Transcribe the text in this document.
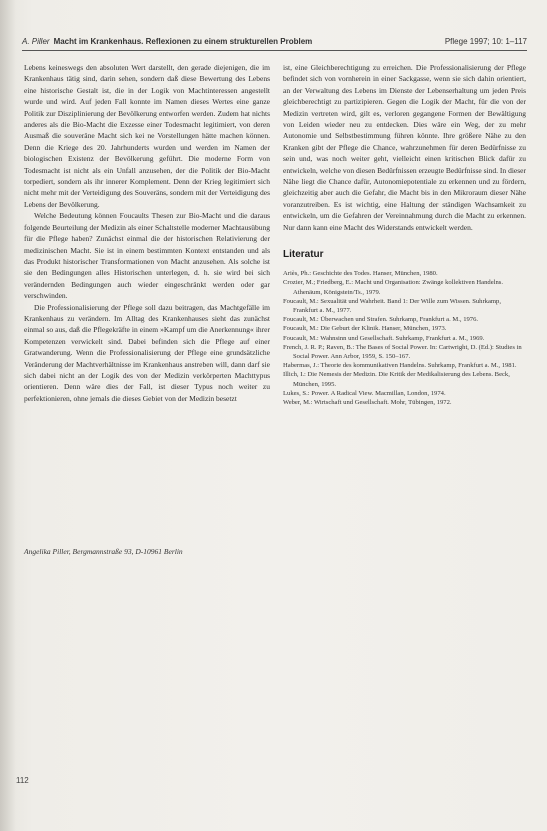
A. Piller Macht im Krankenhaus. Reflexionen zu einem strukturellen Problem	Pflege 1997; 10: 1–117

Lebens keineswegs den absoluten Wert darstellt, den gerade diejenigen, die im Krankenhaus tätig sind, darin sehen, sondern daß diese Bewertung des Lebens eine historische Gestalt ist, die in der Logik von Machtinteressen angestellt wurde und wird. Auf jeden Fall konnte im Namen dieses Wertes eine ganze Politik zur Disziplinierung der Bevölkerung entworfen werden. Zudem hat nichts anderes als die Bio-Macht die Exzesse einer Todesmacht legitimiert, von deren Ausmaß die souveräne Macht sich kei ne Vorstellungen hätte machen können. Denn die Kriege des 20. Jahrhunderts wurden und werden im Namen der biologischen Existenz der Bevölkerung geführt. Die moderne Form von Todesmacht ist nicht als ein Unfall anzusehen, der die Politik der Bio-Macht torpediert, sondern als ihr innerer Komplement. Denn der Krieg legitimiert sich nicht mehr mit der Verteidigung des Souveräns, sondern mit der Verteidigung des Lebens der Bevölkerung.

Welche Bedeutung können Foucaults Thesen zur Bio-Macht und die daraus folgende Beurteilung der Medizin als einer Schaltstelle moderner Machtausübung für die Pflege haben? Zunächst einmal die der historischen Relativierung der medizinischen Macht. Sie ist in einem bestimmten Kontext entstanden und als das Produkt historischer Transformationen von Macht anzusehen. Als solche ist sie den Bedingungen alles Historischen unterlegen, d. h. sie wird bei sich verändernden Bedingungen auch wieder eingeschränkt werden oder gar verschwinden.

Die Professionalisierung der Pflege soll dazu beitragen, das Machtgefälle im Krankenhaus zu verändern. Im Alltag des Krankenhauses sieht das zunächst einmal so aus, daß die Pflegekräfte in einem »Kampf um die Anerkennung« ihrer Kompetenzen verwickelt sind. Dabei befinden sich die Pflege auf einer Gratwanderung. Wenn die Professionalisierung der Pflege eine grundsätzliche Veränderung der Machtverhältnisse im Krankenhaus anstreben will, dann darf sie sich dabei nicht an der Logik des von der Medizin verkörperten Machttypus orientieren. Denn wäre dies der Fall, ist dieser Typus noch weiter zu perfektionieren, ohne jemals die dieses Gebiet von der Medizin besetzt

Angelika Piller, Bergmannstraße 93, D-10961 Berlin

ist, eine Gleichberechtigung zu erreichen. Die Professionalisierung der Pflege befindet sich von vornherein in einer Sackgasse, wenn sie sich dahin orientiert, an der Verwaltung des Lebens im Dienste der Lebenserhaltung um jeden Preis gleichberechtigt zu partizipieren. Gegen die Logik der Macht, für die von der Medizin vertreten wird, gilt es, verloren gegangene Formen der Bewältigung von Leiden wieder neu zu entdecken. Dies wäre ein Weg, der zu mehr Autonomie und Selbstbestimmung führen könnte. Ihre größere Nähe zu den Kranken gibt der Pflege die Chance, wahrzunehmen für deren Bedürfnisse zu sein und, was noch weiter geht, vielleicht einen kritischen Blick dafür zu entwickeln, welche von diesen Bedürfnissen erzeugte Bedürfnisse sind. In dieser Nähe liegt die Chance dafür, Autonomiepotentiale zu erkennen und zu fördern, gleichzeitig aber auch die Gefahr, die Macht bis in den Mikroraum dieser Nähe voranzutreiben. Es ist wichtig, eine Haltung der ständigen Wachsamkeit zu entwickeln, um die Gefahren der Vereinnahmung durch die Macht zu erkennen. Nur dann kann eine Macht des Widerstands entwickelt werden.

Literatur
Ariès, Ph.: Geschichte des Todes. Hanser, München, 1980.
Crozier, M.; Friedberg, E.: Macht und Organisation: Zwänge kollektiven Handelns. Athenäum, Königstein/Ts., 1979.
Foucault, M.: Sexualität und Wahrheit. Band 1: Der Wille zum Wissen. Suhrkamp, Frankfurt a. M., 1977.
Foucault, M.: Überwachen und Strafen. Suhrkamp, Frankfurt a. M., 1976.
Foucault, M.: Die Geburt der Klinik. Hanser, München, 1973.
Foucault, M.: Wahnsinn und Gesellschaft. Suhrkamp, Frankfurt a. M., 1969.
French, J. R. P.; Raven, B.: The Bases of Social Power. In: Cartwright, D. (Ed.): Studies in Social Power. Ann Arbor, 1959, S. 150–167.
Habermas, J.: Theorie des kommunikativen Handelns. Suhrkamp, Frankfurt a. M., 1981.
Illich, I.: Die Nemesis der Medizin. Die Kritik der Medikalisierung des Lebens. Beck, München, 1995.
Lukes, S.: Power. A Radical View. Macmillan, London, 1974.
Weber, M.: Wirtschaft und Gesellschaft. Mohr, Tübingen, 1972.
112
